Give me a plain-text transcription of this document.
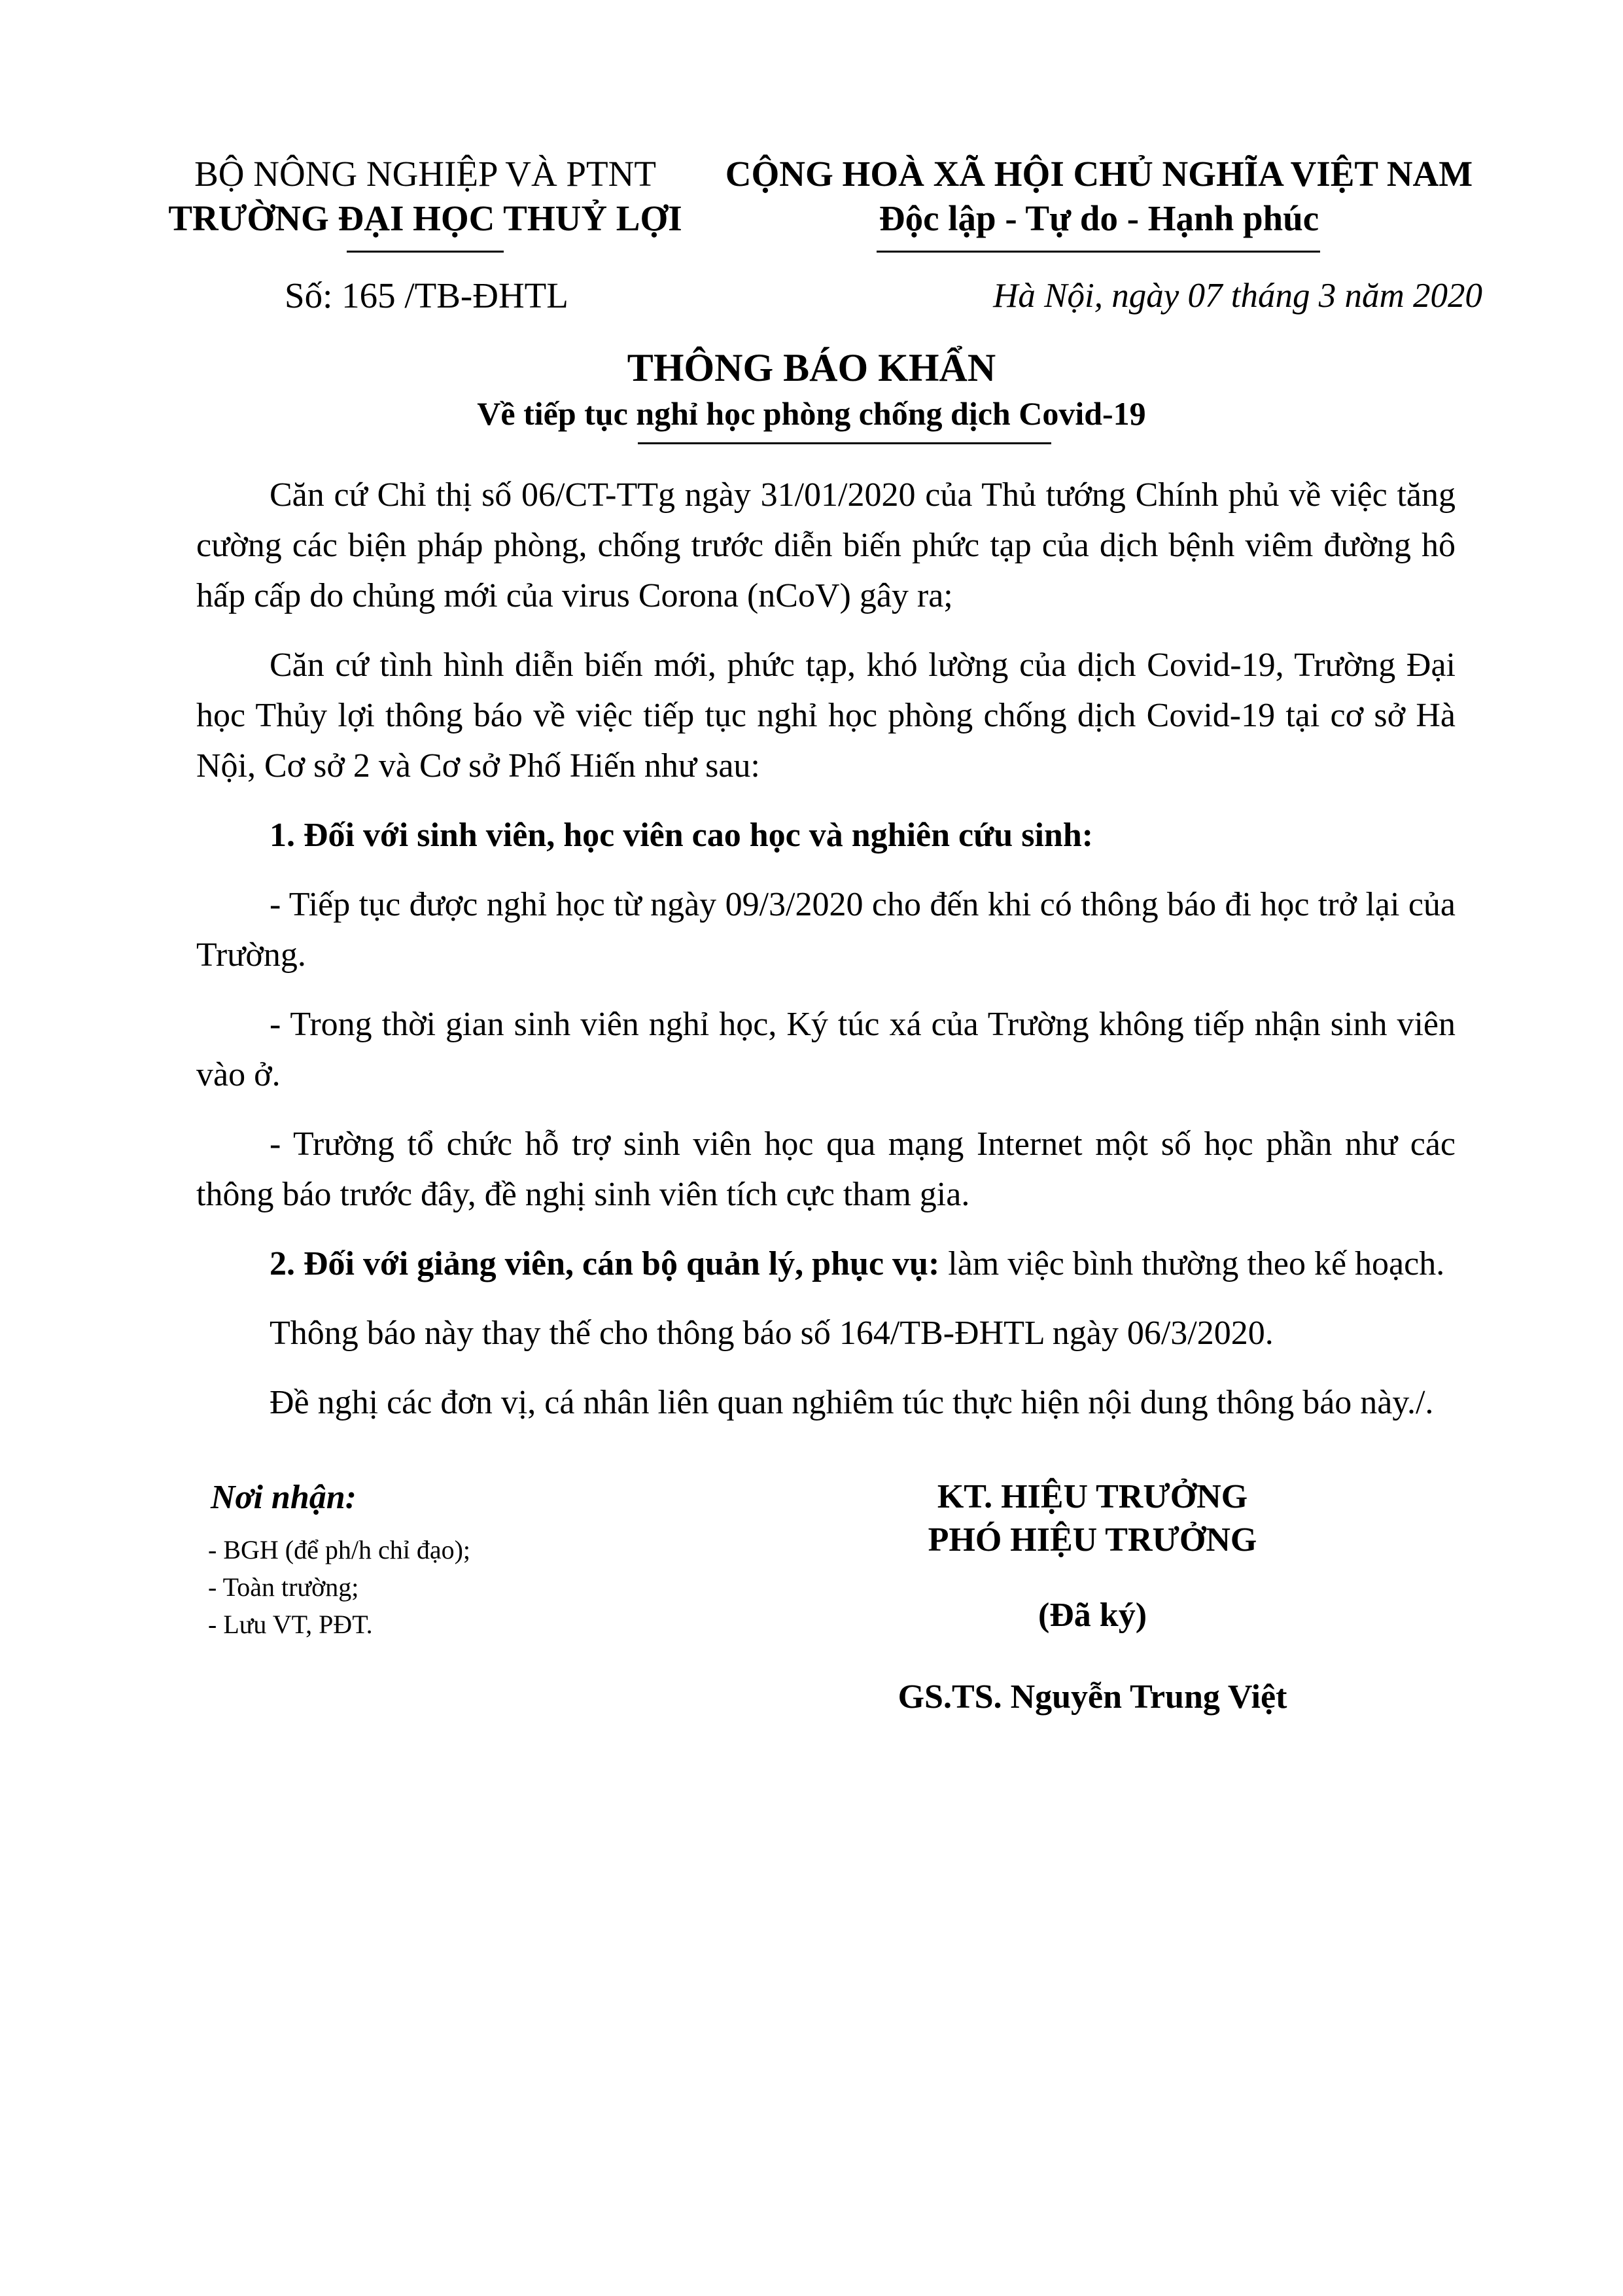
BỘ NÔNG NGHIỆP VÀ PTNT
TRƯỜNG ĐẠI HỌC THUỶ LỢI
CỘNG HOÀ XÃ HỘI CHỦ NGHĨA VIỆT NAM
Độc lập - Tự do - Hạnh phúc
Số: 165 /TB-ĐHTL	Hà Nội, ngày 07 tháng 3 năm 2020
THÔNG BÁO KHẨN
Về tiếp tục nghỉ học phòng chống dịch Covid-19

Căn cứ Chỉ thị số 06/CT-TTg ngày 31/01/2020 của Thủ tướng Chính phủ về việc tăng cường các biện pháp phòng, chống trước diễn biến phức tạp của dịch bệnh viêm đường hô hấp cấp do chủng mới của virus Corona (nCoV) gây ra;

Căn cứ tình hình diễn biến mới, phức tạp, khó lường của dịch Covid-19, Trường Đại học Thủy lợi thông báo về việc tiếp tục nghỉ học phòng chống dịch Covid-19 tại cơ sở Hà Nội, Cơ sở 2 và Cơ sở Phố Hiến như sau:

1. Đối với sinh viên, học viên cao học và nghiên cứu sinh:

- Tiếp tục được nghỉ học từ ngày 09/3/2020 cho đến khi có thông báo đi học trở lại của Trường.

- Trong thời gian sinh viên nghỉ học, Ký túc xá của Trường không tiếp nhận sinh viên vào ở.

- Trường tổ chức hỗ trợ sinh viên học qua mạng Internet một số học phần như các thông báo trước đây, đề nghị sinh viên tích cực tham gia.

2. Đối với giảng viên, cán bộ quản lý, phục vụ: làm việc bình thường theo kế hoạch.

Thông báo này thay thế cho thông báo số 164/TB-ĐHTL ngày 06/3/2020.

Đề nghị các đơn vị, cá nhân liên quan nghiêm túc thực hiện nội dung thông báo này./.

Nơi nhận:
- BGH (để ph/h chỉ đạo);
- Toàn trường;
- Lưu VT, PĐT.
KT. HIỆU TRƯỞNG
PHÓ HIỆU TRƯỞNG
(Đã ký)
GS.TS. Nguyễn Trung Việt
